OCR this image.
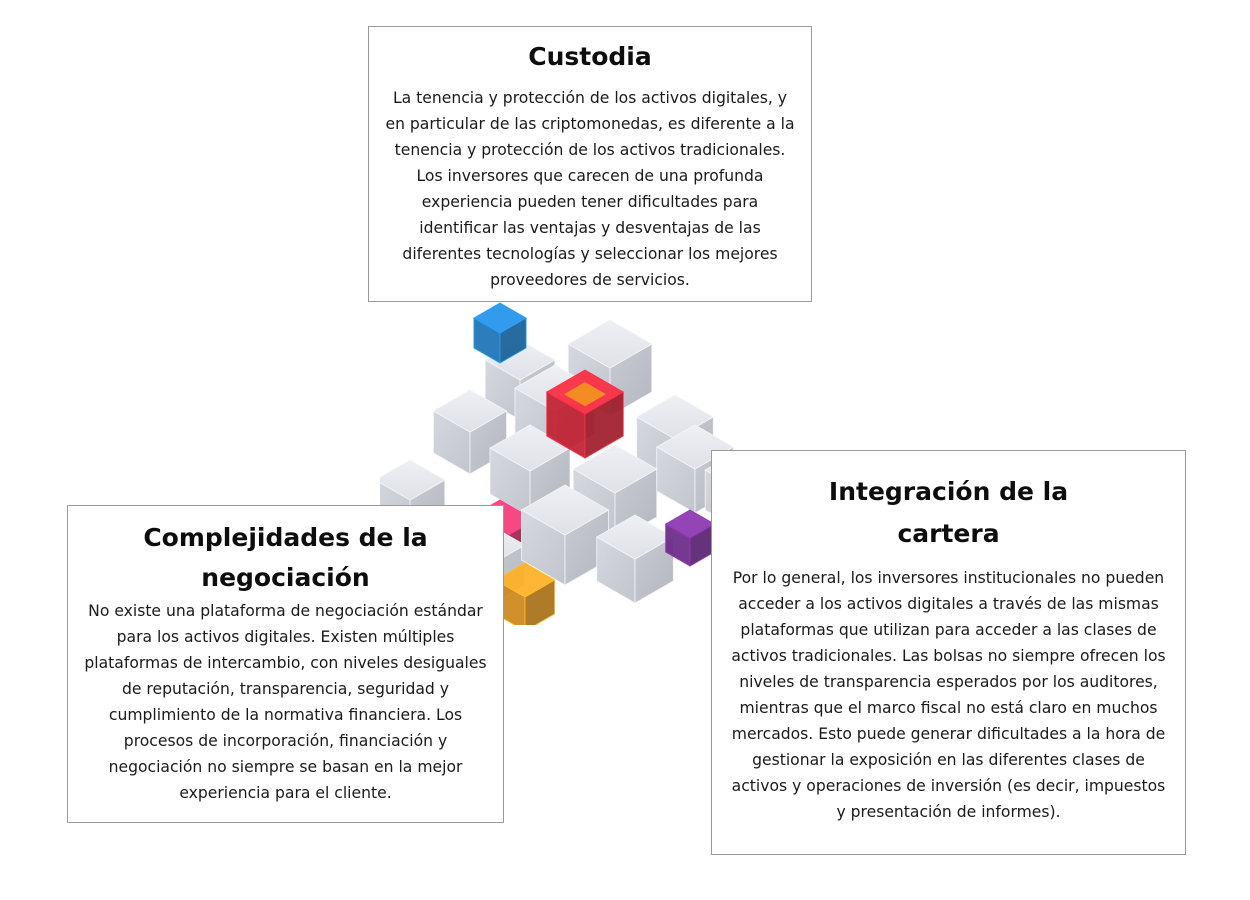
Custodia

La tenencia y protección de los activos digitales, y en particular de las criptomonedas, es diferente a la tenencia y protección de los activos tradicionales. Los inversores que carecen de una profunda experiencia pueden tener dificultades para identificar las ventajas y desventajas de las diferentes tecnologías y seleccionar los mejores proveedores de servicios.

Complejidades de la negociación

No existe una plataforma de negociación estándar para los activos digitales. Existen múltiples plataformas de intercambio, con niveles desiguales de reputación, transparencia, seguridad y cumplimiento de la normativa financiera. Los procesos de incorporación, financiación y negociación no siempre se basan en la mejor experiencia para el cliente.

Integración de la cartera

Por lo general, los inversores institucionales no pueden acceder a los activos digitales a través de las mismas plataformas que utilizan para acceder a las clases de activos tradicionales. Las bolsas no siempre ofrecen los niveles de transparencia esperados por los auditores, mientras que el marco fiscal no está claro en muchos mercados. Esto puede generar dificultades a la hora de gestionar la exposición en las diferentes clases de activos y operaciones de inversión (es decir, impuestos y presentación de informes).
